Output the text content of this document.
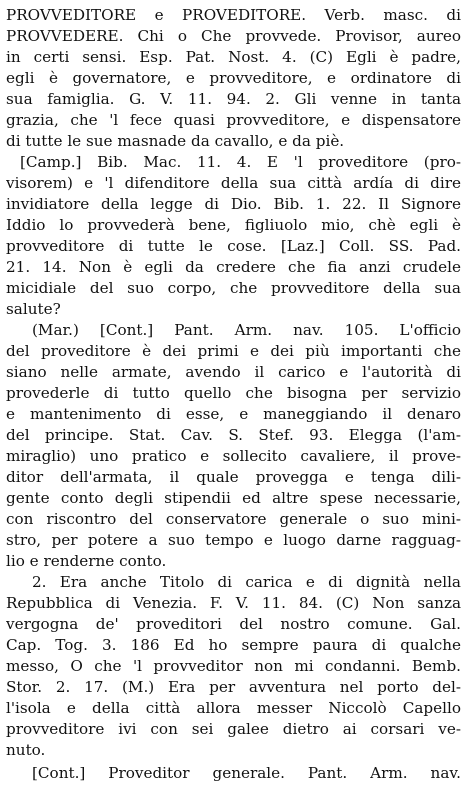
PROVVEDITORE e PROVEDITORE. Verb. masc. di
PROVVEDERE. Chi o Che provvede. Provisor, aureo
in certi sensi. Esp. Pat. Nost. 4. (C) Egli è padre,
egli è governatore, e provveditore, e ordinatore di
sua famiglia. G. V. 11. 94. 2. Gli venne in tanta
grazia, che 'l fece quasi provveditore, e dispensatore
di tutte le sue masnade da cavallo, e da piè.
[Camp.] Bib. Mac. 11. 4. E 'l proveditore (pro-
visorem) e 'l difenditore della sua città ardía di dire
invidiatore della legge di Dio. Bib. 1. 22. Il Signore
Iddio lo provvederà bene, figliuolo mio, chè egli è
provveditore di tutte le cose. [Laz.] Coll. SS. Pad.
21. 14. Non è egli da credere che fia anzi crudele
micidiale del suo corpo, che provveditore della sua
salute?
(Mar.) [Cont.] Pant. Arm. nav. 105. L'officio
del proveditore è dei primi e dei più importanti che
siano nelle armate, avendo il carico e l'autorità di
provederle di tutto quello che bisogna per servizio
e mantenimento di esse, e maneggiando il denaro
del principe. Stat. Cav. S. Stef. 93. Elegga (l'am-
miraglio) uno pratico e sollecito cavaliere, il prove-
ditor dell'armata, il quale provegga e tenga dili-
gente conto degli stipendii ed altre spese necessarie,
con riscontro del conservatore generale o suo mini-
stro, per potere a suo tempo e luogo darne ragguag-
lio e renderne conto.
2. Era anche Titolo di carica e di dignità nella
Repubblica di Venezia. F. V. 11. 84. (C) Non sanza
vergogna de' proveditori del nostro comune. Gal.
Cap. Tog. 3. 186 Ed ho sempre paura di qualche
messo, O che 'l provveditor non mi condanni. Bemb.
Stor. 2. 17. (M.) Era per avventura nel porto del-
l'isola e della città allora messer Niccolò Capello
provveditore ivi con sei galee dietro ai corsari ve-
nuto.
[Cont.] Proveditor generale. Pant. Arm. nav.
